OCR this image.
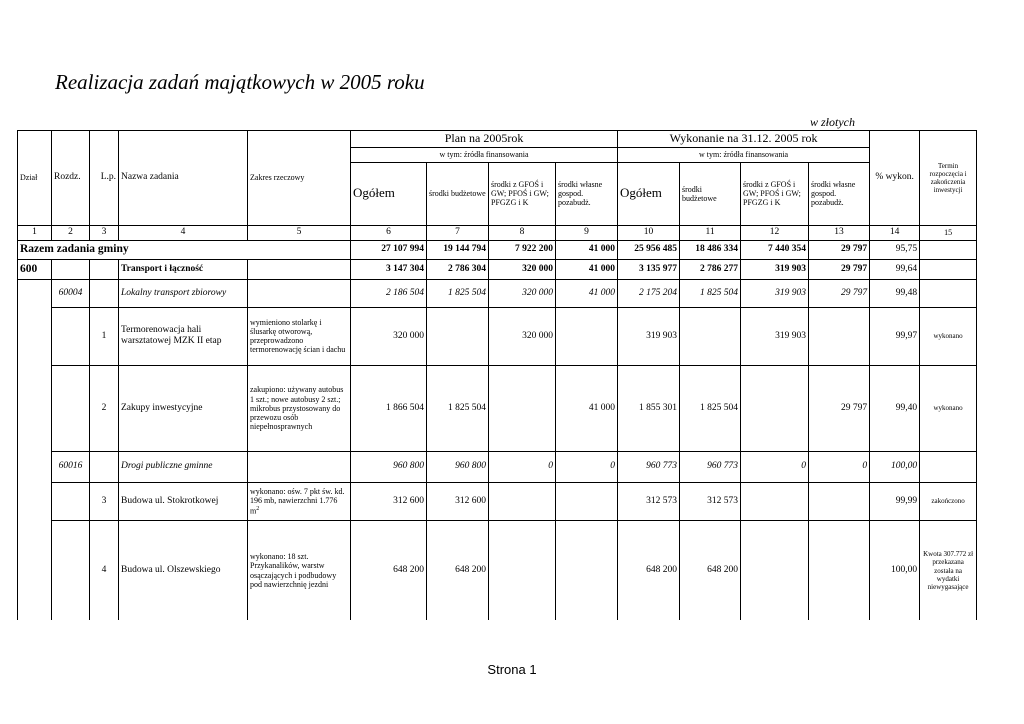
Realizacja zadań majątkowych w 2005 roku
w złotych
Dział	Rozdz.	L.p.	Nazwa zadania	Zakres rzeczowy	Plan na 2005rok				Wykonanie na 31.12. 2005 rok				% wykon.	Termin rozpoczęcia i zakończenia inwestycji
					w tym: źródła finansowania				w tym: źródła finansowania					
					Ogółem	środki budżetowe	środki z GFOŚ i GW; PFOŚ i GW; PFGZG i K	środki własne gospod. pozabudż.	Ogółem	środki budżetowe	środki z GFOŚ i GW; PFOŚ i GW; PFGZG i K	środki własne gospod. pozabudż.		
1	2	3	4	5	6	7	8	9	10	11	12	13	14	15
Razem zadania gminy					27 107 994	19 144 794	7 922 200	41 000	25 956 485	18 486 334	7 440 354	29 797	95,75	
600			Transport i łączność		3 147 304	2 786 304	320 000	41 000	3 135 977	2 786 277	319 903	29 797	99,64	
	60004		Lokalny transport zbiorowy		2 186 504	1 825 504	320 000	41 000	2 175 204	1 825 504	319 903	29 797	99,48	
		1	Termorenowacja hali warsztatowej MZK II etap	wymieniono stolarkę i ślusarkę otworową, przeprowadzono termorenowację ścian i dachu	320 000		320 000		319 903		319 903		99,97	wykonano
		2	Zakupy inwestycyjne	zakupiono: używany autobus 1 szt.; nowe autobusy 2 szt.; mikrobus przystosowany do przewozu osób niepełnosprawnych	1 866 504	1 825 504		41 000	1 855 301	1 825 504		29 797	99,40	wykonano
	60016		Drogi publiczne gminne		960 800	960 800	0	0	960 773	960 773	0	0	100,00	
		3	Budowa ul. Stokrotkowej	wykonano: ośw. 7 pkt św. kd. 196 mb, nawierzchni 1.776 $m^2$	312 600	312 600			312 573	312 573			99,99	zakończono
		4	Budowa ul. Olszewskiego	wykonano: 18 szt. Przykanalików, warstw osączających i podbudowy pod nawierzchnię jezdni	648 200	648 200			648 200	648 200			100,00	Kwota 307.772 zł przekazana została na wydatki niewygasające
Strona 1
